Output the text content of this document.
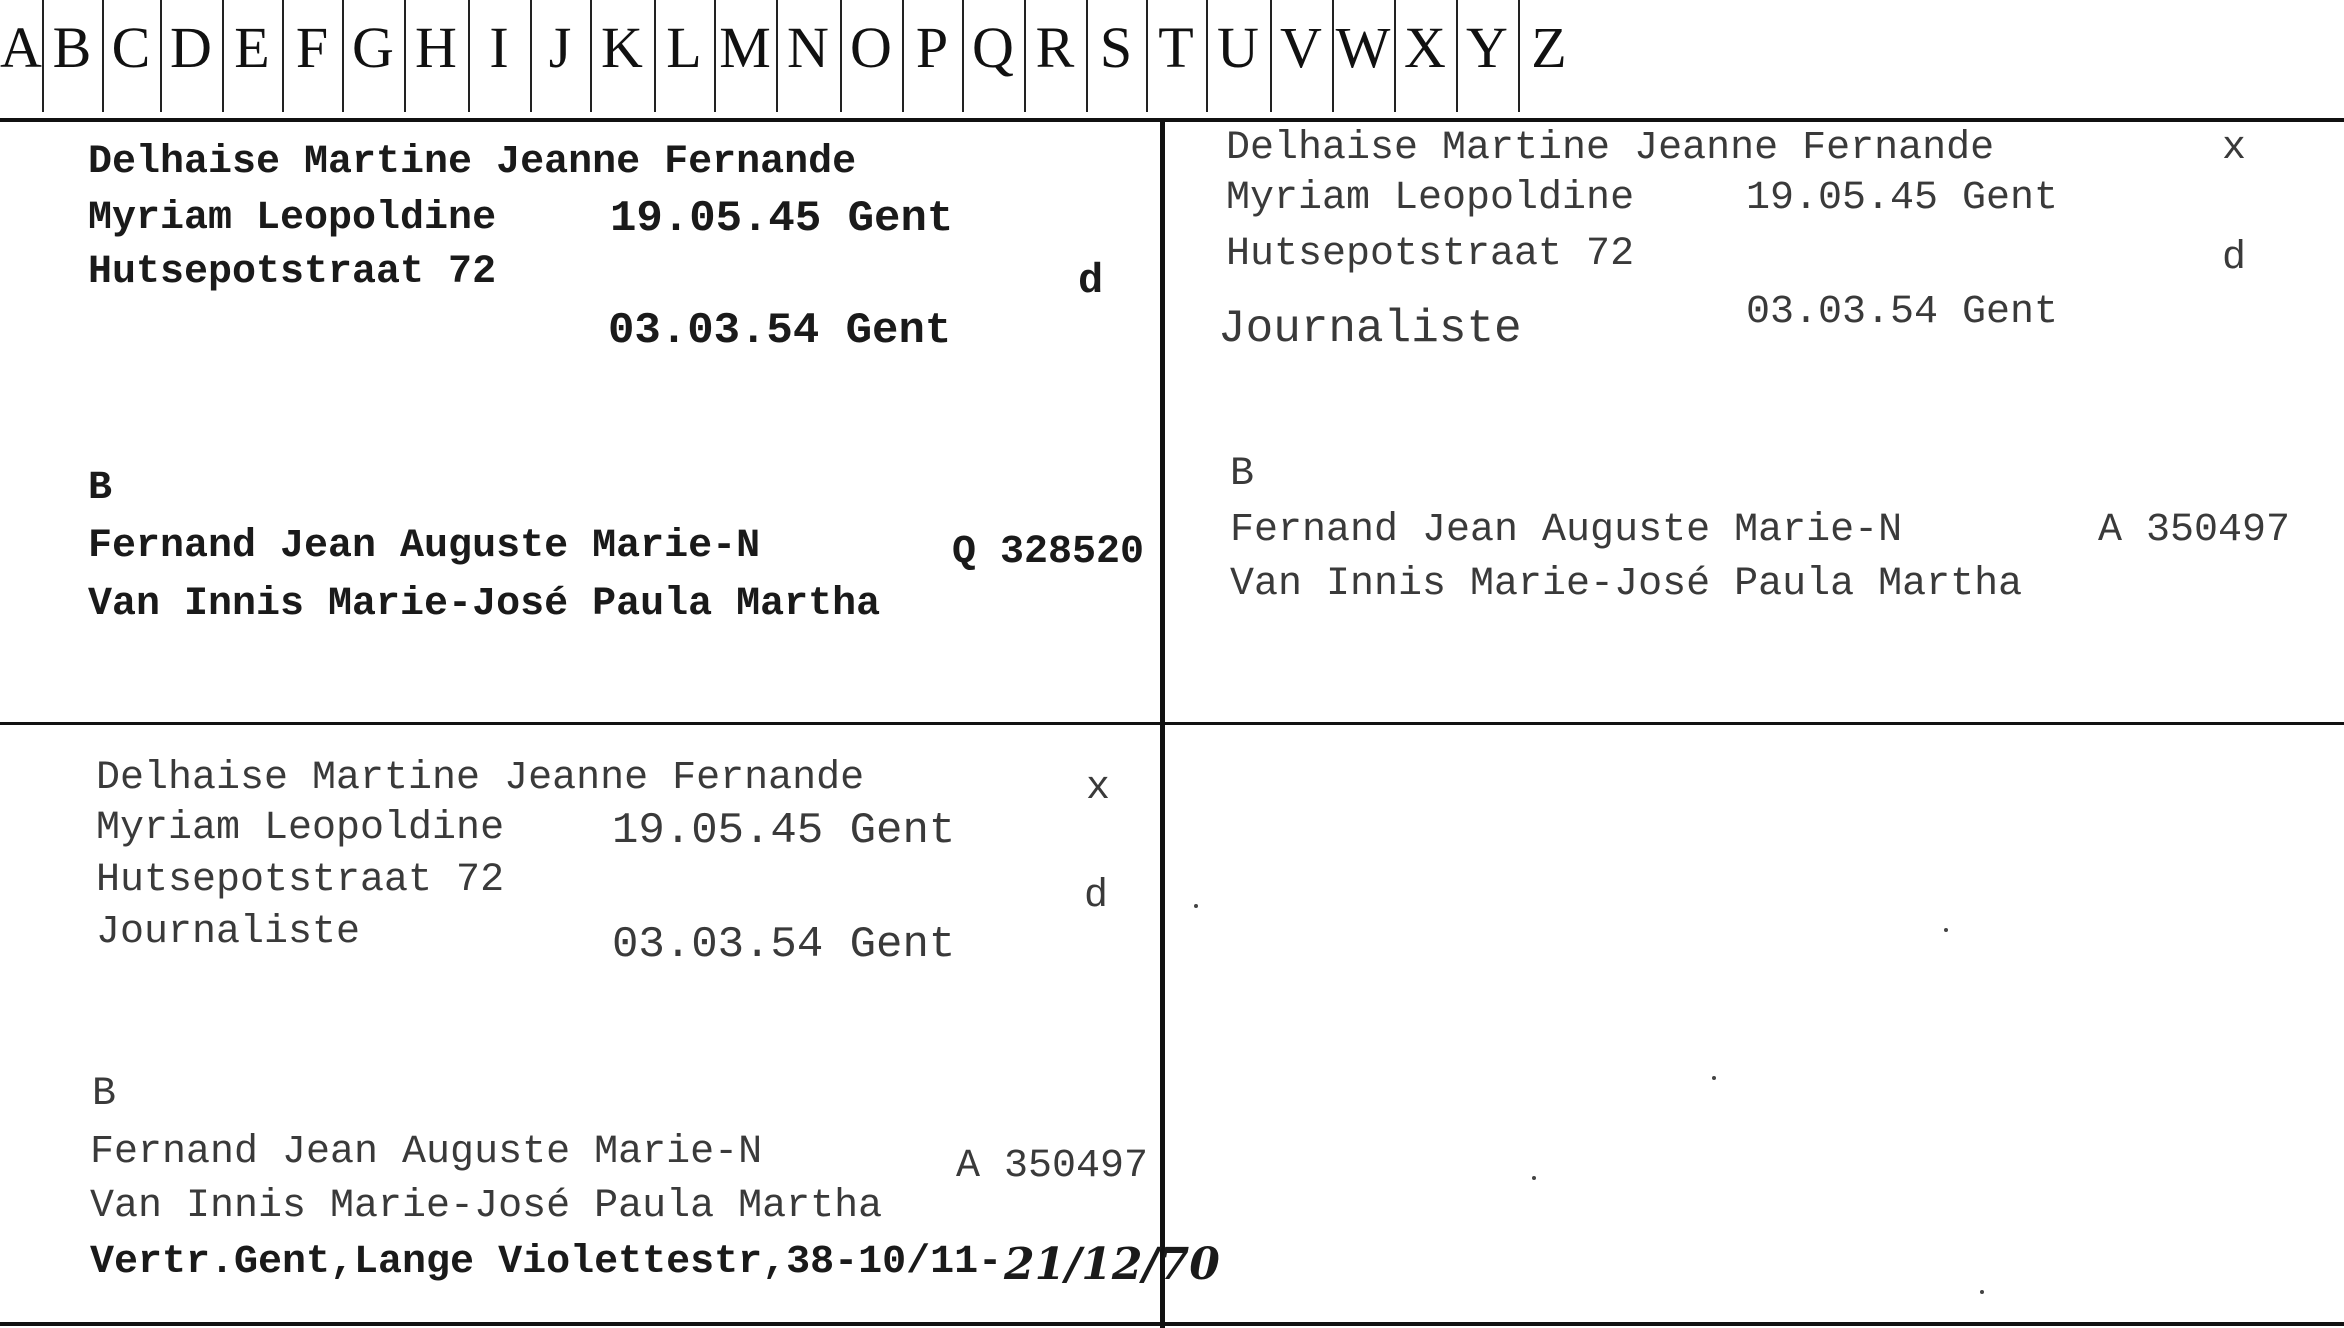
A B C D E F G H I J K L M N O P Q R S T U V W X Y Z
Delhaise Martine Jeanne Fernande
Myriam Leopoldine	19.05.45 Gent
Hutsepotstraat 72	d
03.03.54 Gent
B
Fernand Jean Auguste Marie-N	Q 328520
Van Innis Marie-José Paula Martha
Delhaise Martine Jeanne Fernande	x
Myriam Leopoldine	19.05.45 Gent
Hutsepotstraat 72	d
Journaliste	03.03.54 Gent
B
Fernand Jean Auguste Marie-N	A 350497
Van Innis Marie-José Paula Martha
Delhaise Martine Jeanne Fernande	x
Myriam Leopoldine 19.05.45 Gent
Hutsepotstraat 72	d
Journaliste	03.03.54 Gent
B
Fernand Jean Auguste Marie-N	A 350497
Van Innis Marie-José Paula Martha
Vertr.Gent,Lange Violettestr,38-10/11- 21/12/70
